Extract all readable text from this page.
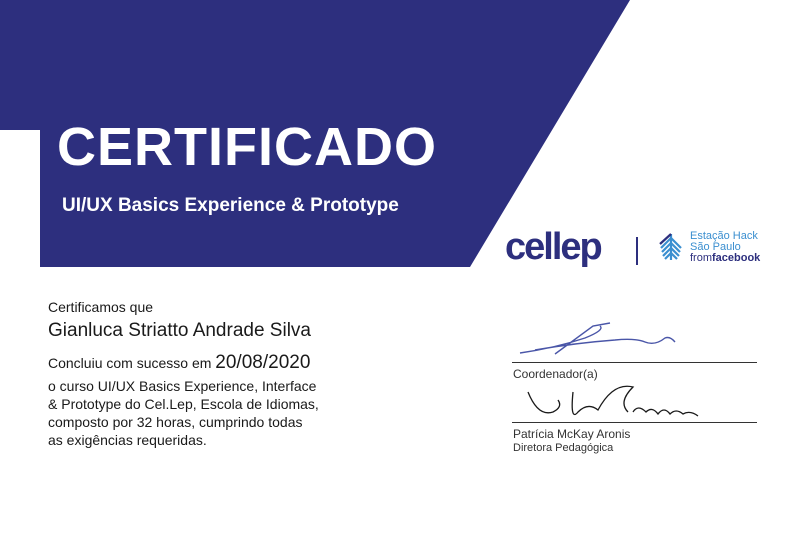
CERTIFICADO
UI/UX Basics Experience & Prototype
cellep	Estação Hack
São Paulo
fromfacebook
Certificamos que
Gianluca Striatto Andrade Silva
Concluiu com sucesso em 20/08/2020
o curso UI/UX Basics Experience, Interface
& Prototype do Cel.Lep, Escola de Idiomas,
composto por 32 horas, cumprindo todas
as exigências requeridas.
Coordenador(a)
Patrícia McKay Aronis
Diretora Pedagógica
